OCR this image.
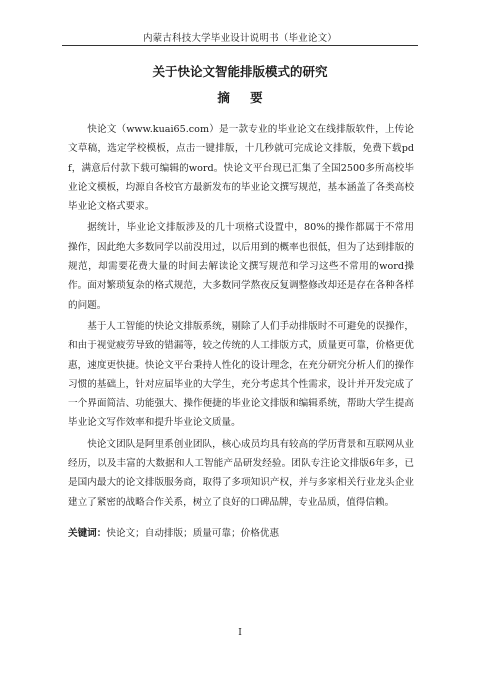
内蒙古科技大学毕业设计说明书（毕业论文）
关于快论文智能排版模式的研究
摘 要

快论文（www.kuai65.com）是一款专业的毕业论文在线排版软件，上传论文草稿，选定学校模板，点击一键排版，十几秒就可完成论文排版，免费下载pdf，满意后付款下载可编辑的word。快论文平台现已汇集了全国2500多所高校毕业论文模板，均源自各校官方最新发布的毕业论文撰写规范，基本涵盖了各类高校毕业论文格式要求。

据统计，毕业论文排版涉及的几十项格式设置中，80%的操作都属于不常用操作，因此绝大多数同学以前没用过，以后用到的概率也很低，但为了达到排版的规范，却需要花费大量的时间去解读论文撰写规范和学习这些不常用的word操作。面对繁琐复杂的格式规范，大多数同学熬夜反复调整修改却还是存在各种各样的问题。

基于人工智能的快论文排版系统，剔除了人们手动排版时不可避免的误操作，和由于视觉疲劳导致的错漏等，较之传统的人工排版方式，质量更可靠，价格更优惠，速度更快捷。快论文平台秉持人性化的设计理念，在充分研究分析人们的操作习惯的基础上，针对应届毕业的大学生，充分考虑其个性需求，设计并开发完成了一个界面简洁、功能强大、操作便捷的毕业论文排版和编辑系统，帮助大学生提高毕业论文写作效率和提升毕业论文质量。

快论文团队是阿里系创业团队，核心成员均具有较高的学历背景和互联网从业经历，以及丰富的大数据和人工智能产品研发经验。团队专注论文排版6年多，已是国内最大的论文排版服务商，取得了多项知识产权，并与多家相关行业龙头企业建立了紧密的战略合作关系，树立了良好的口碑品牌，专业品质，值得信赖。

关键词：快论文；自动排版；质量可靠；价格优惠
I
